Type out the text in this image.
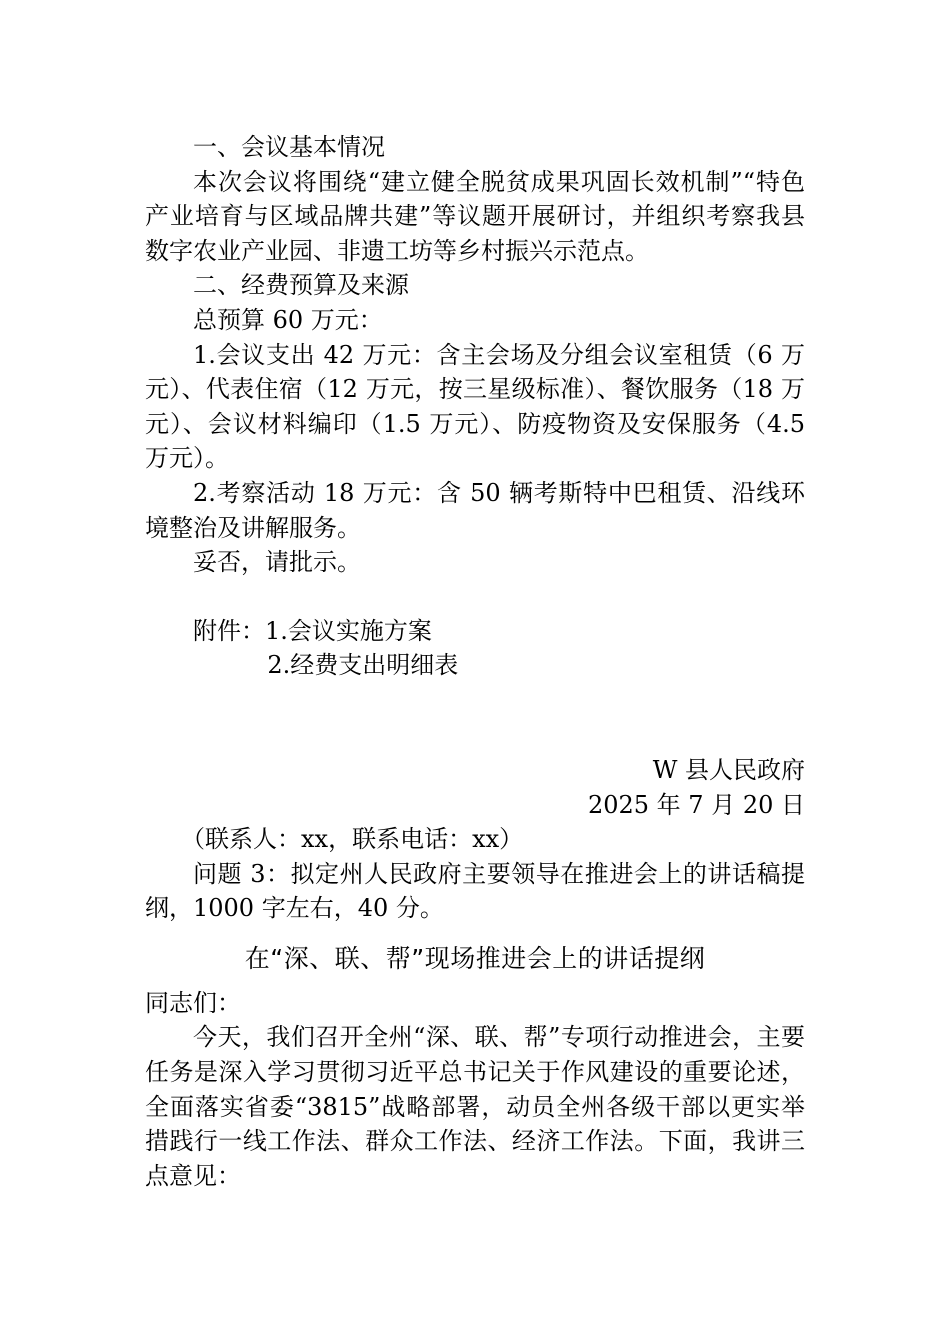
一、会议基本情况

本次会议将围绕“建立健全脱贫成果巩固长效机制”“特色产业培育与区域品牌共建”等议题开展研讨，并组织考察我县数字农业产业园、非遗工坊等乡村振兴示范点。

二、经费预算及来源

总预算 60 万元：

1.会议支出 42 万元：含主会场及分组会议室租赁（6 万元）、代表住宿（12 万元，按三星级标准）、餐饮服务（18 万元）、会议材料编印（1.5 万元）、防疫物资及安保服务（4.5 万元）。

2.考察活动 18 万元：含 50 辆考斯特中巴租赁、沿线环境整治及讲解服务。

妥否，请批示。

附件：1.会议实施方案

2.经费支出明细表

W 县人民政府

2025 年 7 月 20 日

（联系人：xx，联系电话：xx）

问题 3：拟定州人民政府主要领导在推进会上的讲话稿提纲，1000 字左右，40 分。

在“深、联、帮”现场推进会上的讲话提纲

同志们：

今天，我们召开全州“深、联、帮”专项行动推进会，主要任务是深入学习贯彻习近平总书记关于作风建设的重要论述，全面落实省委“3815”战略部署，动员全州各级干部以更实举措践行一线工作法、群众工作法、经济工作法。下面，我讲三点意见：
